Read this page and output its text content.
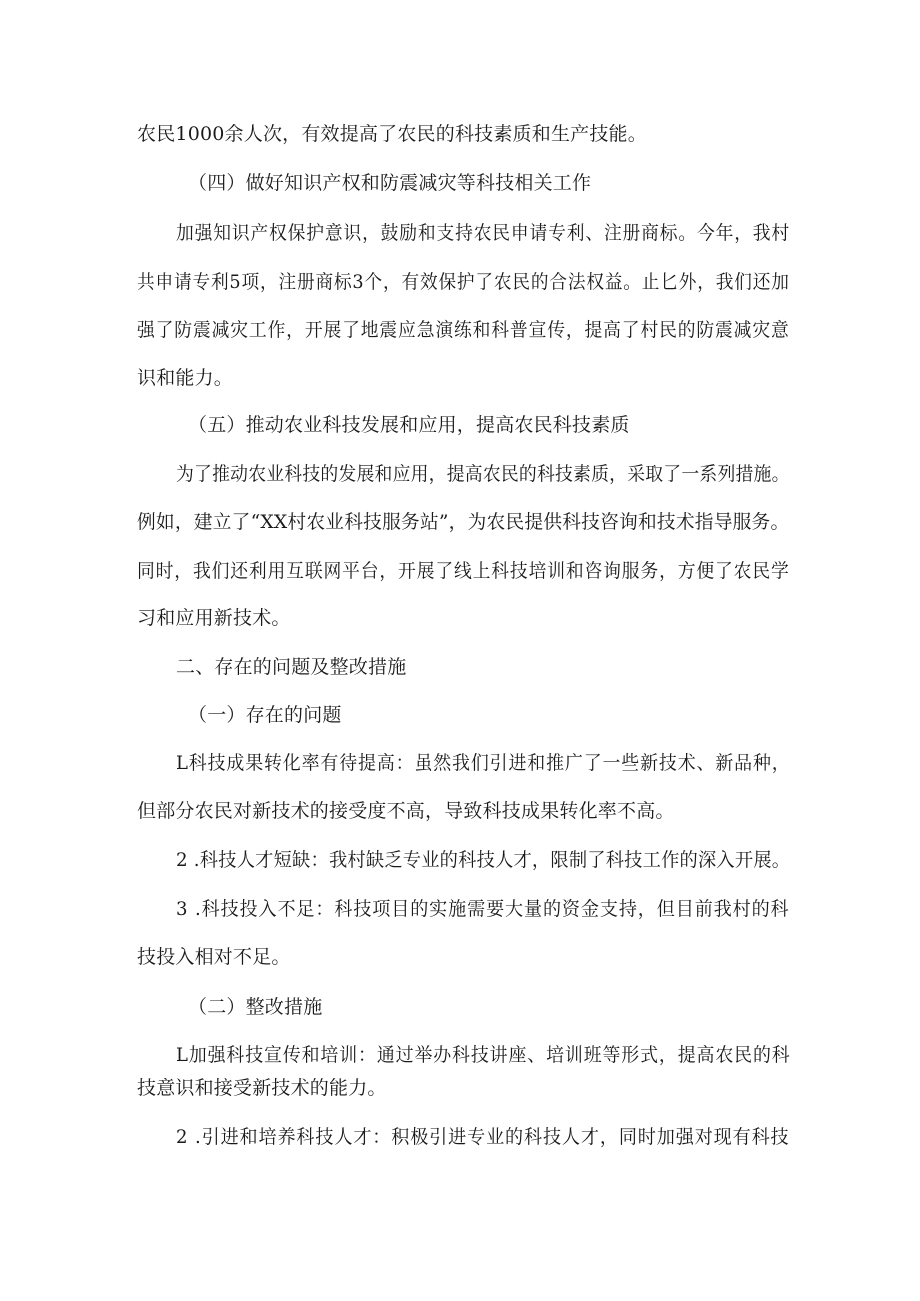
农民1000余人次，有效提高了农民的科技素质和生产技能。
（四）做好知识产权和防震减灾等科技相关工作
加强知识产权保护意识，鼓励和支持农民申请专利、注册商标。今年，我村
共申请专利5项，注册商标3个，有效保护了农民的合法权益。止匕外，我们还加
强了防震减灾工作，开展了地震应急演练和科普宣传，提高了村民的防震减灾意
识和能力。
（五）推动农业科技发展和应用，提高农民科技素质
为了推动农业科技的发展和应用，提高农民的科技素质，采取了一系列措施。
例如，建立了“XX村农业科技服务站”，为农民提供科技咨询和技术指导服务。
同时，我们还利用互联网平台，开展了线上科技培训和咨询服务，方便了农民学
习和应用新技术。
二、存在的问题及整改措施
（一）存在的问题
L科技成果转化率有待提高：虽然我们引进和推广了一些新技术、新品种，
但部分农民对新技术的接受度不高，导致科技成果转化率不高。
2 .科技人才短缺：我村缺乏专业的科技人才，限制了科技工作的深入开展。
3 .科技投入不足：科技项目的实施需要大量的资金支持，但目前我村的科
技投入相对不足。
（二）整改措施
L加强科技宣传和培训：通过举办科技讲座、培训班等形式，提高农民的科
技意识和接受新技术的能力。
2 .引进和培养科技人才：积极引进专业的科技人才，同时加强对现有科技
